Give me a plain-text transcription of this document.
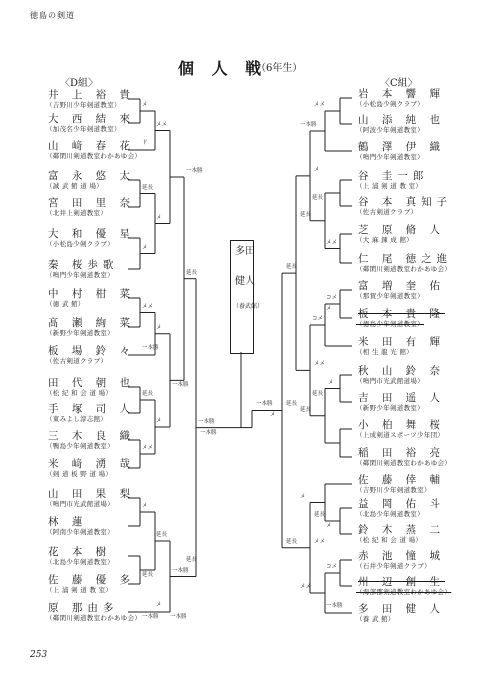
徳島の剣道
個 人 戦
（6年生）
〈D組〉	〈C組〉
井 上 裕 貴
（吉野川少年剣道教室）
大 西 結 來
（加茂名少年剣道教室）
山 﨑 春 花
（鄰閑川剣道教室わかあゆ会）
富 永 悠 太
（誠 武 館 道 場）
宮 田 里 奈
（北井上剣道教室）
大 和 優 星
（小松島少剣クラブ）
秦 桜歩歌
（鳴門少年剣道教室）
中 村 柑 菜
（徳 武 館）
髙 瀬 絢 菜
（新野少年剣道教室）
板 場 鈴 々
（佐古剣道クラブ）
田 代 朝 也
（松 紀 和 会 道 場）
手 塚 司 人
（東みよし淳志館）
三 木 良 織
（鴨島少年剣道教室）
米 﨑 湧 哉
（剣 道 板 野 道 場）
山 田 果 梨
（鳴門市光武館道場）
林 蓮
（阿南少年剣道教室）
花 本 樹
（北島少年剣道教室）
佐 藤 優 多
（上 浦 剣 道 教 室）
原 那由多
（鄰閑川剣道教室わかあゆ会）
岩 本 響 輝
（小松島少剣クラブ）
山 添 純 也
（阿波少年剣道教室）
鶴 澤 伊 織
（鳴門少年剣道教室）
谷 圭一郎
（上 浦 剣 道 教 室）
谷 本 真知子
（佐古剣道クラブ）
芝 原 脩 人
（大 麻 錬 成 館）
仁 尾 徳之進
（鄰閑川剣道教室わかあゆ会）
富 増 奎 佑
（那賀少年剣道教室）
板 本 貴 隆
（徳島少年剣道教室）
米 田 有 輝
（相 生 龍 光 館）
秋 山 鈴 奈
（鳴門市光武館道場）
吉 田 遥 人
（新野少年剣道教室）
小 柏 舞 桜
（上成剣道スポーツ少年団）
稲 田 裕 亮
（鄰閑川剣道教室わかあゆ会）
佐 藤 倖 輔
（吉野川少年剣道教室）
益 岡 佑 斗
（北島少年剣道教室）
鈴 木 蒸 二
（松 紀 和 会 道 場）
赤 池 憧 城
（石井少年剣道クラブ）
州 辺 創 生
（海部郡剣道教室わかあゆ会）
多 田 健 人
（養 武 館）
メ
メメ
延長
メ
メ
メメ
一本勝
メ
延長
メ
一本勝
メメ
延長
メ
一本勝
延長
一本勝
延長
メ
一本勝
ド
一本勝
延長
一本勝
一本勝
メメ
一本勝
延長
メメ
延長
メ
延長
コメ
メ
コメ
メ
延長
延長
メメ
延長
延長
メ
メ
コメ
メメ
延長
メメ
メ
一本勝
一本勝
多田
健人
（養武館）
253
